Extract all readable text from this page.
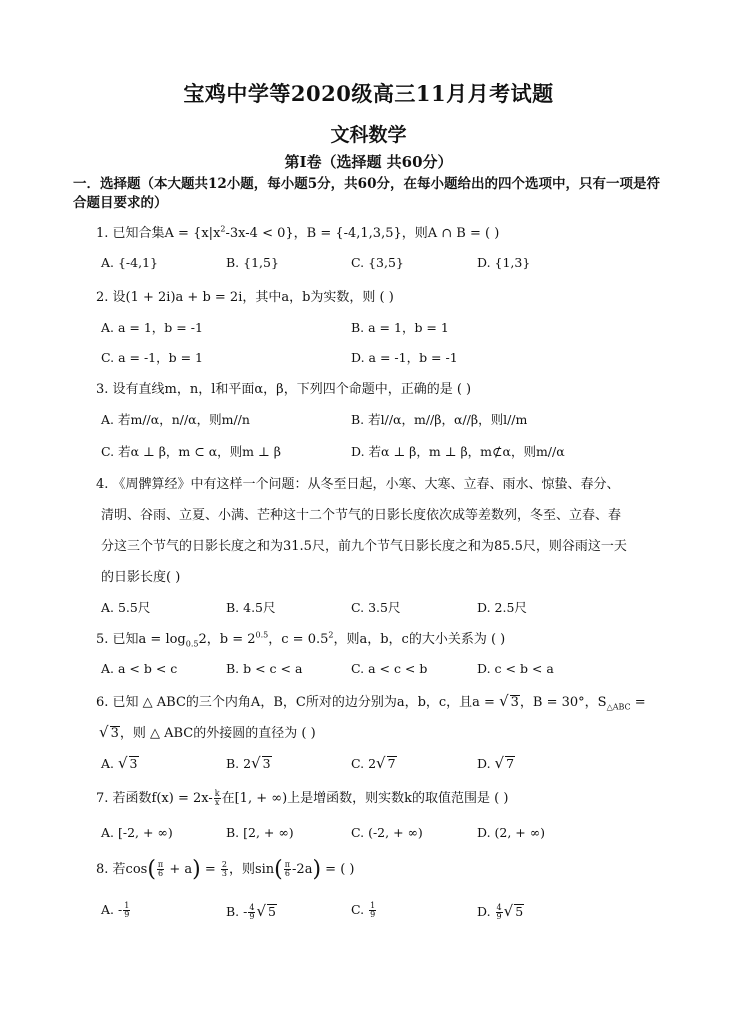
宝鸡中学等2020级高三11月月考试题
文科数学
第Ⅰ卷（选择题 共60分）
一．选择题（本大题共12小题，每小题5分，共60分，在每小题给出的四个选项中，只有一项是符合题目要求的）
1. 已知合集$A = \{x|x^2-3x-4 < 0\}$，B = {-4,1,3,5}，则A ∩ B = ( )
A. {-4,1}	B. {1,5}	C. {3,5}	D. {1,3}
2. 设(1 + 2i)a + b = 2i，其中a，b为实数，则 ( )
A. a = 1，b = -1	B. a = 1，b = 1
C. a = -1，b = 1	D. a = -1，b = -1
3. 设有直线m，n，l和平面α，β，下列四个命题中，正确的是 ( )
A. 若m//α，n//α，则m//n	B. 若l//α，m//β，α//β，则l//m
C. 若α ⊥ β，m ⊂ α，则m ⊥ β	D. 若α ⊥ β，m ⊥ β，m⊄α，则m//α
4. 《周髀算经》中有这样一个问题：从冬至日起，小寒、大寒、立春、雨水、惊蛰、春分、
清明、谷雨、立夏、小满、芒种这十二个节气的日影长度依次成等差数列，冬至、立春、春
分这三个节气的日影长度之和为31.5尺，前九个节气日影长度之和为85.5尺，则谷雨这一天
的日影长度( )
A. 5.5尺	B. 4.5尺	C. 3.5尺	D. 2.5尺
5. 已知$a = \log_{0.5}2$，$b = 2^{0.5}$，$c = 0.5^2$，则a，b，c的大小关系为 ( )
A. a < b < c	B. b < c < a	C. a < c < b	D. c < b < a
6. 已知 △ ABC的三个内角A，B，C所对的边分别为a，b，c，且a = √ 3，B = 30°，$S_{\triangle ABC}$ =
√ 3，则 △ ABC的外接圆的直径为 ( )
A. √ 3	B. 2√ 3	C. 2√ 7	D. √ 7
7. 若函数$f(x) = 2x- \frac{k}{x}$ 在[1, + ∞)上是增函数，则实数k的取值范围是 ( )
A. [-2, + ∞)	B. [2, + ∞)	C. (-2, + ∞)	D. (2, + ∞)
8. 若$\cos( \frac{\pi}{6} + a) = \frac{2}{3}$ ，则$\sin( \frac{\pi}{6} -2a)$ = ( )
A. - $\frac{1}{9}$	B. - $\frac{4}{9}$ √ 5	C. $\frac{1}{9}$	D. $\frac{4}{9}$ √ 5
